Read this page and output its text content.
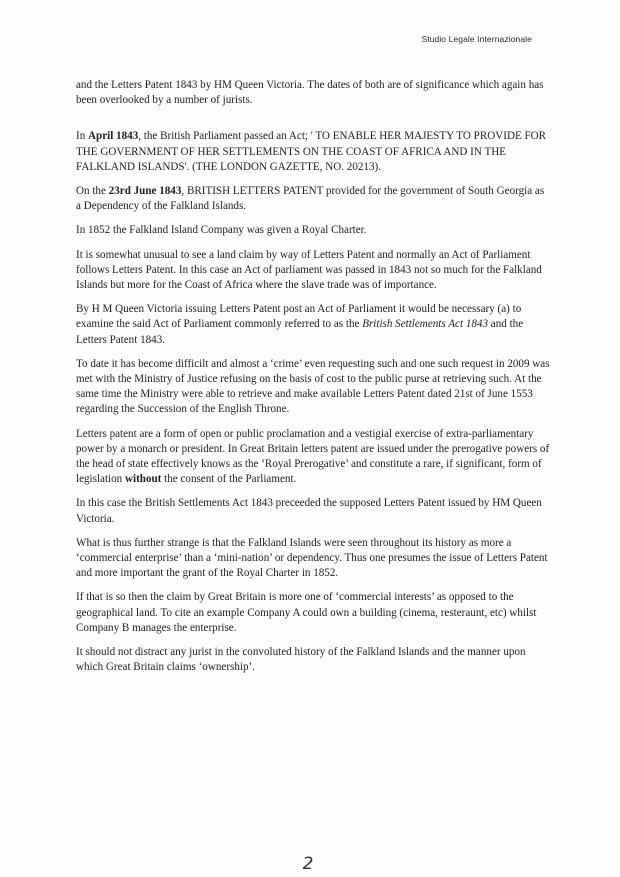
Studio Legale Internazionale

and the Letters Patent 1843 by HM Queen Victoria. The dates of both are of significance which again has been overlooked by a number of jurists.

In April 1843, the British Parliament passed an Act; ' TO ENABLE HER MAJESTY TO PROVIDE FOR THE GOVERNMENT OF HER SETTLEMENTS ON THE COAST OF AFRICA AND IN THE FALKLAND ISLANDS'. (THE LONDON GAZETTE, NO. 20213).

On the 23rd June 1843, BRITISH LETTERS PATENT provided for the government of South Georgia as a Dependency of the Falkland Islands.

In 1852 the Falkland Island Company was given a Royal Charter.

It is somewhat unusual to see a land claim by way of Letters Patent and normally an Act of Parliament follows Letters Patent. In this case an Act of parliament was passed in 1843 not so much for the Falkland Islands but more for the Coast of Africa where the slave trade was of importance.

By H M Queen Victoria issuing Letters Patent post an Act of Parliament it would be necessary (a) to examine the said Act of Parliament commonly referred to as the British Settlements Act 1843 and the Letters Patent 1843.

To date it has become difficilt and almost a ‘crime’ even requesting such and one such request in 2009 was met with the Ministry of Justice refusing on the basis of cost to the public purse at retrieving such. At the same time the Ministry were able to retrieve and make available Letters Patent dated 21st of June 1553 regarding the Succession of the English Throne.

Letters patent are a form of open or public proclamation and a vestigial exercise of extra-parliamentary power by a monarch or president. In Great Britain letters patent are issued under the prerogative powers of the head of state effectively knows as the ‘Royal Prerogative’ and constitute a rare, if significant, form of legislation without the consent of the Parliament.

In this case the British Settlements Act 1843 preceeded the supposed Letters Patent issued by HM Queen Victoria.

What is thus further strange is that the Falkland Islands were seen throughout its history as more a ‘commercial enterprise’ than a ‘mini-nation’ or dependency. Thus one presumes the issue of Letters Patent and more important the grant of the Royal Charter in 1852.

If that is so then the claim by Great Britain is more one of ‘commercial interests’ as opposed to the geographical land. To cite an example Company A could own a building (cinema, resteraunt, etc) whilst Company B manages the enterprise.

It should not distract any jurist in the convoluted history of the Falkland Islands and the manner upon which Great Britain claims ‘ownership’.

2
